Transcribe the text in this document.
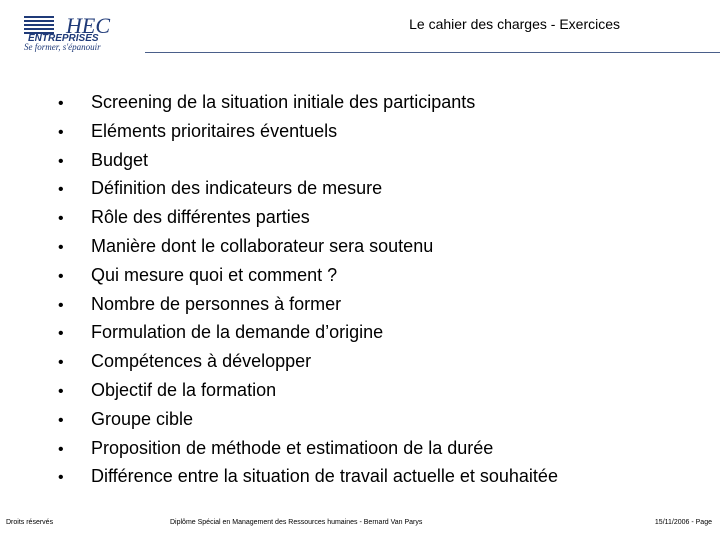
HEC
ENTREPRISES
Se former, s'épanouir
Le cahier des charges - Exercices
•	Screening de la situation initiale des participants
•	Eléments prioritaires éventuels
•	Budget
•	Définition des indicateurs de mesure
•	Rôle des différentes parties
•	Manière dont le collaborateur sera soutenu
•	Qui mesure quoi et comment ?
•	Nombre de personnes à former
•	Formulation de la demande d’origine
•	Compétences à développer
•	Objectif de la formation
•	Groupe cible
•	Proposition de méthode et estimatioon de la durée
•	Différence entre la situation de travail actuelle et souhaitée
Droits réservés	Diplôme Spécial en Management des Ressources humaines - Bernard Van Parys	15/11/2006 - Page
